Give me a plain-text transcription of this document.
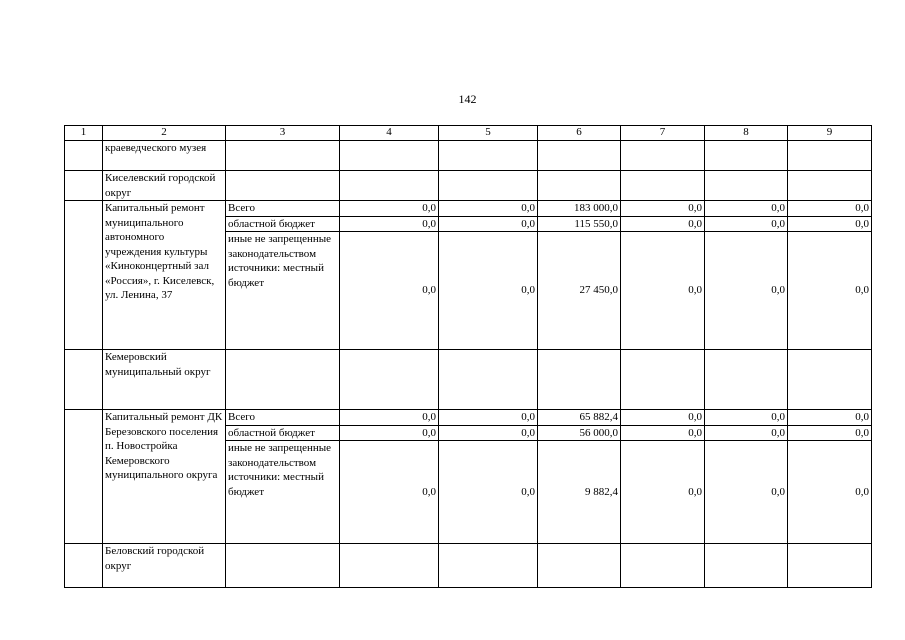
142
1	2	3	4	5	6	7	8	9
	краеведческого музея							
	Киселевский городской округ							
	Капитальный ремонт муниципального автономного учреждения культуры «Киноконцертный зал «Россия», г. Киселевск, ул. Ленина, 37	Всего	0,0	0,0	183 000,0	0,0	0,0	0,0
		областной бюджет	0,0	0,0	115 550,0	0,0	0,0	0,0
		иные не запрещенные законодательством источники: местный бюджет	0,0	0,0	27 450,0	0,0	0,0	0,0
	Кемеровский муниципальный округ							
	Капитальный ремонт ДК Березовского поселения п. Новостройка Кемеровского муниципального округа	Всего	0,0	0,0	65 882,4	0,0	0,0	0,0
		областной бюджет	0,0	0,0	56 000,0	0,0	0,0	0,0
		иные не запрещенные законодательством источники: местный бюджет	0,0	0,0	9 882,4	0,0	0,0	0,0
	Беловский городской округ							
